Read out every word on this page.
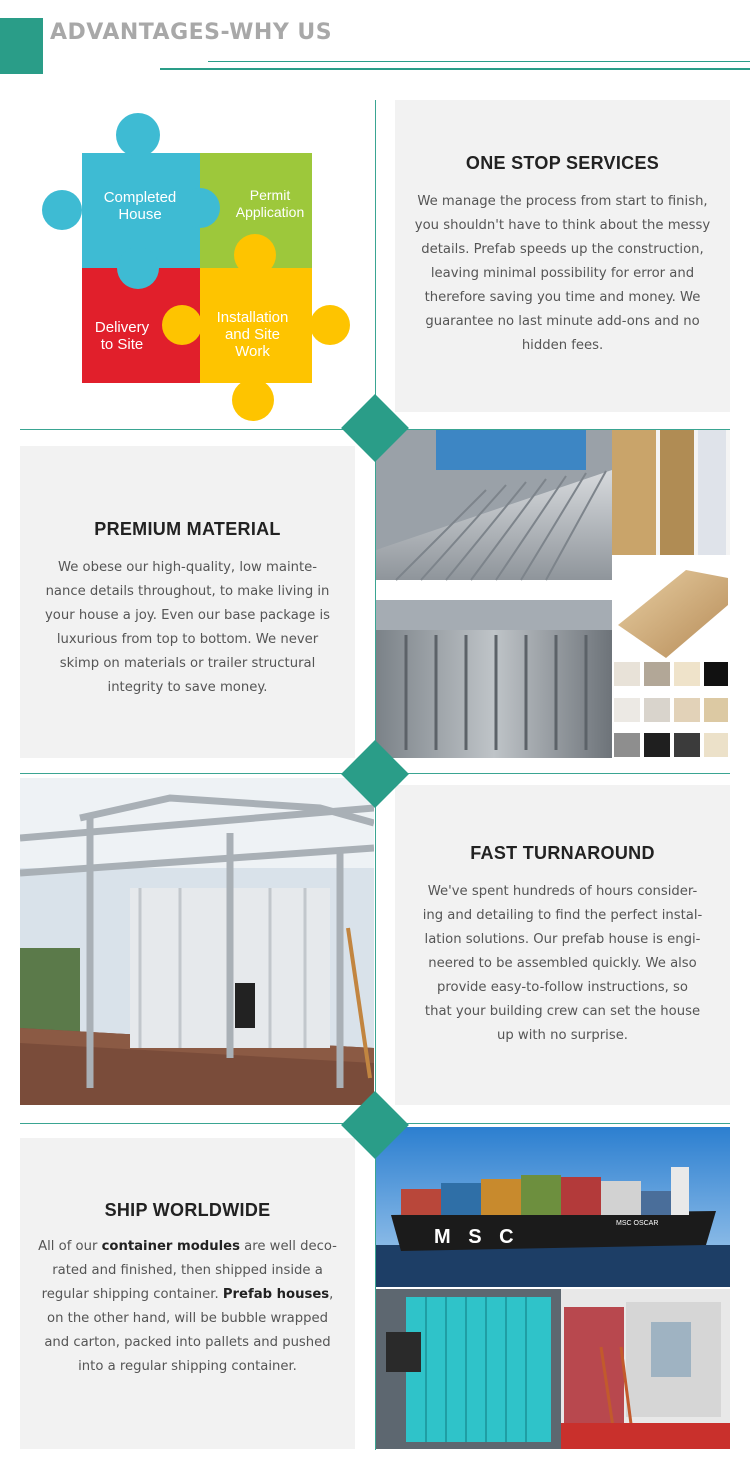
ADVANTAGES-WHY US
Completed
House
Permit
Application
Delivery
to Site
Installation
and Site
Work
ONE STOP SERVICES

We manage the process from start to finish,
you shouldn't have to think about the messy
details. Prefab speeds up the construction,
leaving minimal possibility for error and
therefore saving you time and money. We
guarantee no last minute add-ons and no
hidden fees.

PREMIUM MATERIAL

We obese our high-quality, low mainte-
nance details throughout, to make living in
your house a joy. Even our base package is
luxurious from top to bottom. We never
skimp on materials or trailer structural
integrity to save money.

FAST TURNAROUND

We've spent hundreds of hours consider-
ing and detailing to find the perfect instal-
lation solutions. Our prefab house is engi-
neered to be assembled quickly. We also
provide easy-to-follow instructions, so
that your building crew can set the house
up with no surprise.

SHIP WORLDWIDE

All of our container modules are well deco-
rated and finished, then shipped inside a
regular shipping container. Prefab houses,
on the other hand, will be bubble wrapped
and carton, packed into pallets and pushed
into a regular shipping container.

M S C
MSC OSCAR
